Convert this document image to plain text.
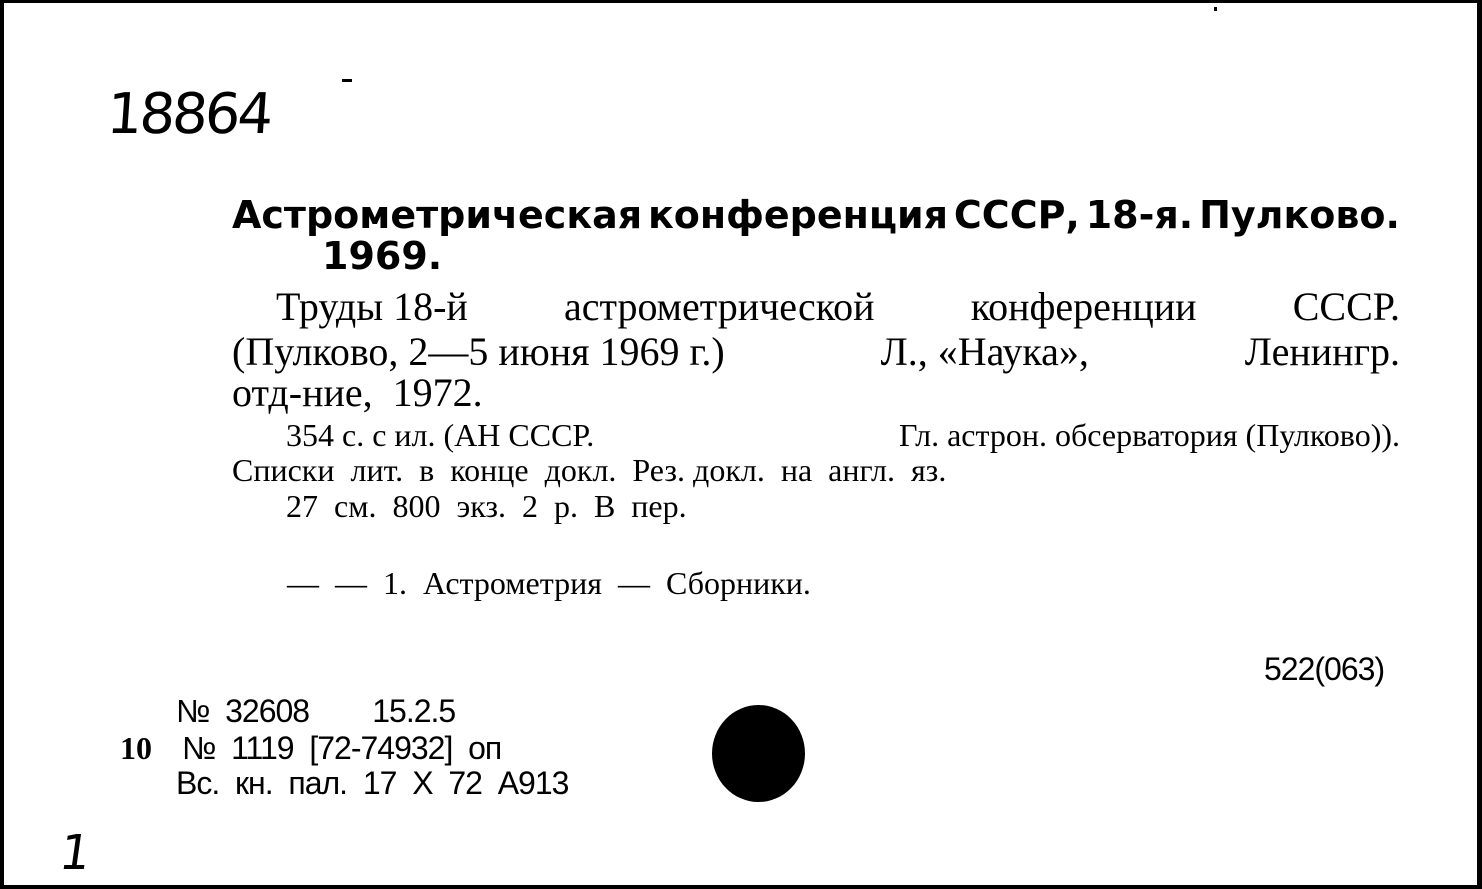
18864
Астрометрическая конференция СССР, 18-я. Пулково.
1969.
Труды 18-й астрометрической конференции СССР.
(Пулково, 2—5 июня 1969 г.)	Л., «Наука»,	Ленингр.
отд-ние,  1972.
354 с. с ил. (АН СССР.	Гл. астрон. обсерватория (Пулково)).
Списки  лит.  в  конце  докл.  Рез. докл.  на  англ.  яз.
27  см.  800  экз.  2  р.  В  пер.
—  —  1.  Астрометрия  —  Сборники.
522(063)
№  32608        15.2.5
10 №  1119  [72-74932]  оп
Вс.  кн.  пал.  17  X  72  А913
1
